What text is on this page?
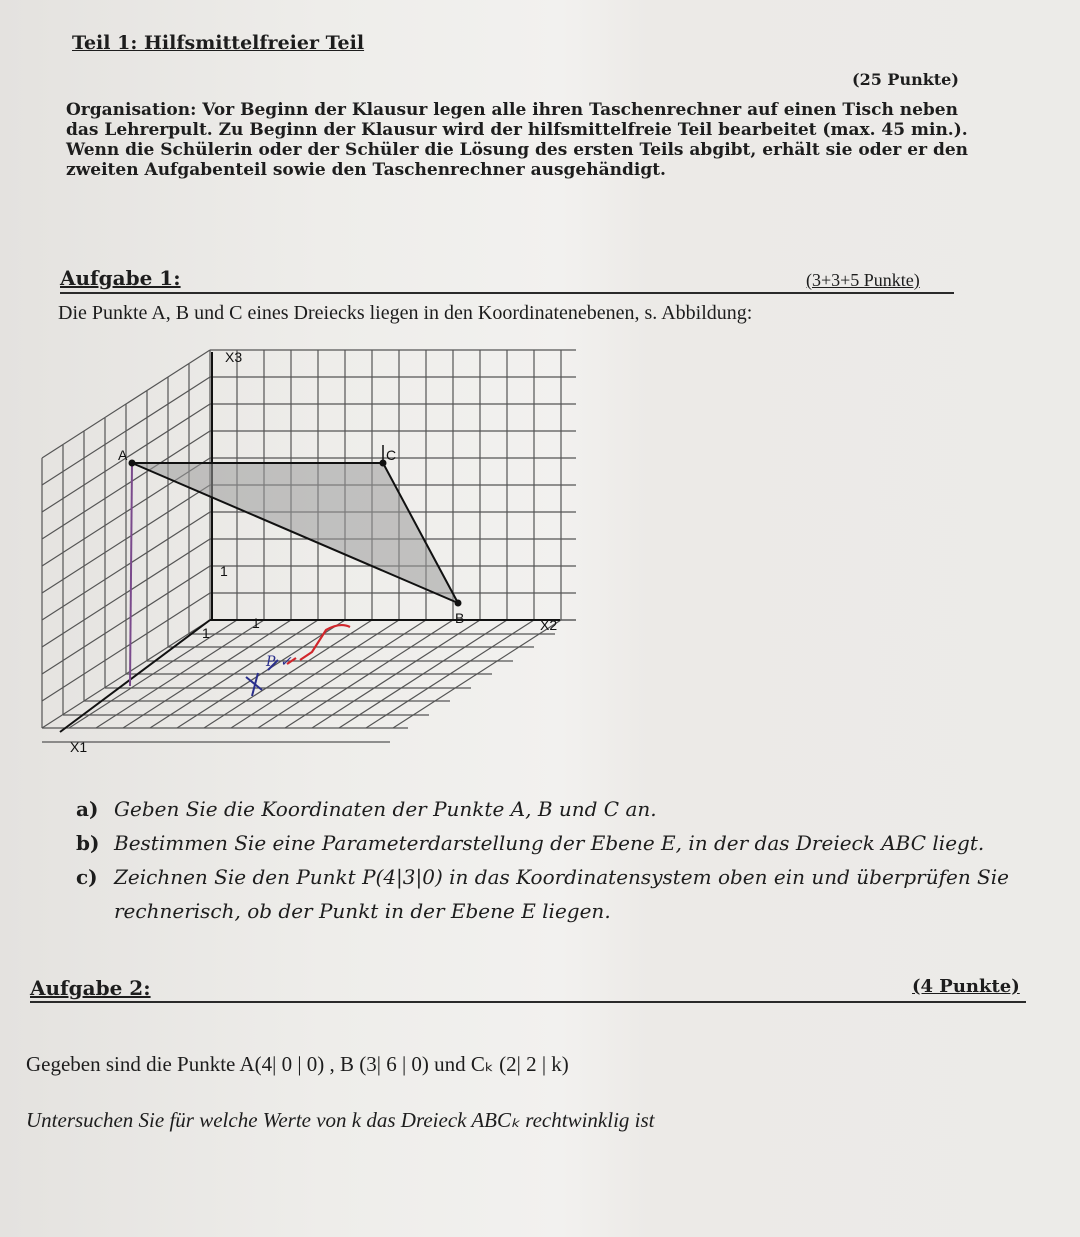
Teil 1: Hilfsmittelfreier Teil
(25 Punkte)
Organisation: Vor Beginn der Klausur legen alle ihren Taschenrechner auf einen Tisch neben
das Lehrerpult. Zu Beginn der Klausur wird der hilfsmittelfreie Teil bearbeitet (max. 45 min.).
Wenn die Schülerin oder der Schüler die Lösung des ersten Teils abgibt, erhält sie oder er den
zweiten Aufgabenteil sowie den Taschenrechner ausgehändigt.
Aufgabe 1:	(3+3+5 Punkte)
Die Punkte A, B und C eines Dreiecks liegen in den Koordinatenebenen, s. Abbildung:
X3
X2
X1
A
B
C
1
1
1
P ✓
a) Geben Sie die Koordinaten der Punkte A, B und C an.
b) Bestimmen Sie eine Parameterdarstellung der Ebene E, in der das Dreieck ABC liegt.
c) Zeichnen Sie den Punkt P(4|3|0) in das Koordinatensystem oben ein und überprüfen Sie
rechnerisch, ob der Punkt in der Ebene E liegen.
Aufgabe 2:	(4 Punkte)
Gegeben sind die Punkte A(4| 0 | 0) , B (3| 6 | 0) und Cₖ (2| 2 | k)
Untersuchen Sie für welche Werte von k das Dreieck ABCₖ rechtwinklig ist
